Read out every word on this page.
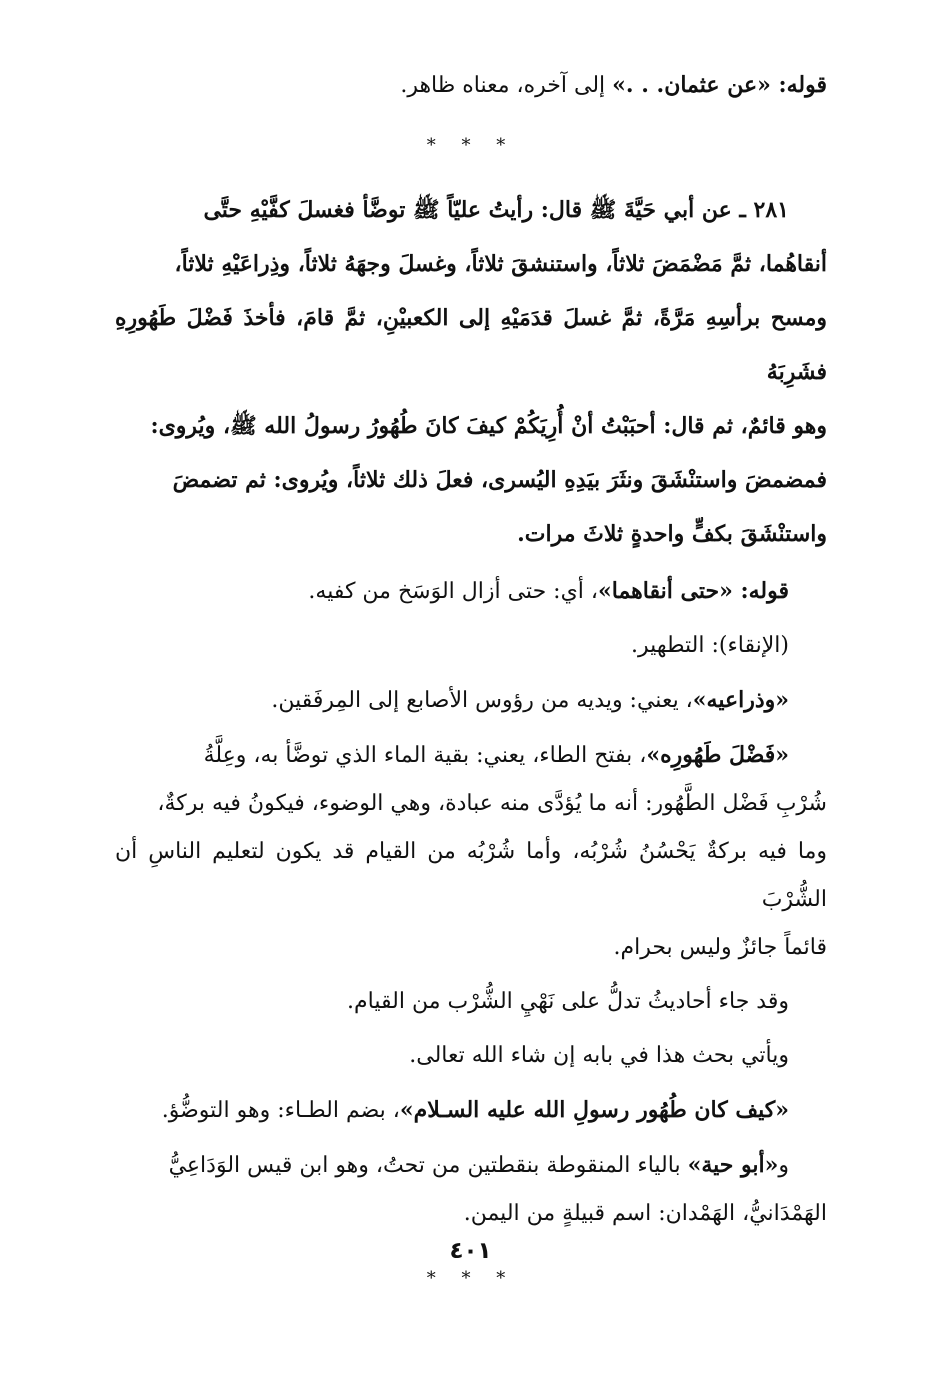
قوله: «عن عثمان. . .» إلى آخره، معناه ظاهر.

* * *

٢٨١ ـ عن أبي حَيَّةَ ﷺ قال: رأيتُ عليّاً ﷺ توضَّأ فغسلَ كفَّيْهِ حتَّى

أنقاهُما، ثمَّ مَضْمَضَ ثلاثاً، واستنشقَ ثلاثاً، وغسلَ وجهَهُ ثلاثاً، وذِراعَيْهِ ثلاثاً،

ومسح برأسِهِ مَرَّةً، ثمَّ غسلَ قدَمَيْهِ إلى الكعبيْنِ، ثمَّ قامَ، فأخذَ فَضْلَ طَهُورِهِ فشَرِبَهُ

وهو قائمٌ، ثم قال: أحبَبْتُ أنْ أُرِيَكُمْ كيفَ كانَ طُهُورُ رسولُ الله ﷺ، ويُروى:

فمضمضَ واستنْشَقَ ونثَرَ بيَدِهِ اليُسرى، فعلَ ذلك ثلاثاً، ويُروى: ثم تضمضَ

واستنْشَقَ بكفٍّ واحدةٍ ثلاثَ مرات.

قوله: «حتى أنقاهما»، أي: حتى أزال الوَسَخ من كفيه.

(الإنقاء): التطهير.

«وذراعيه»، يعني: ويديه من رؤوس الأصابع إلى المِرفَقين.

«فَضْلَ طَهُورِه»، بفتح الطاء، يعني: بقية الماء الذي توضَّأ به، وعِلَّةُ

شُرْبِ فَضْل الطَّهُور: أنه ما يُؤدَّى منه عبادة، وهي الوضوء، فيكونُ فيه بركةٌ،

وما فيه بركةٌ يَحْسُنُ شُرْبُه، وأما شُرْبُه من القيام قد يكون لتعليم الناسِ أن الشُّرْبَ

قائماً جائزٌ وليس بحرام.

وقد جاء أحاديثُ تدلُّ على نَهْيِ الشُّرْب من القيام.

ويأتي بحث هذا في بابه إن شاء الله تعالى.

«كيف كان طُهُور رسولِ الله عليه السـلام»، بضم الطـاء: وهو التوضُّؤ.

و«أبو حية» بالياء المنقوطة بنقطتين من تحتُ، وهو ابن قيس الوَدَاعِيُّ

الهَمْدَانيُّ، الهَمْدان: اسم قبيلةٍ من اليمن.

* * *
٤٠١
